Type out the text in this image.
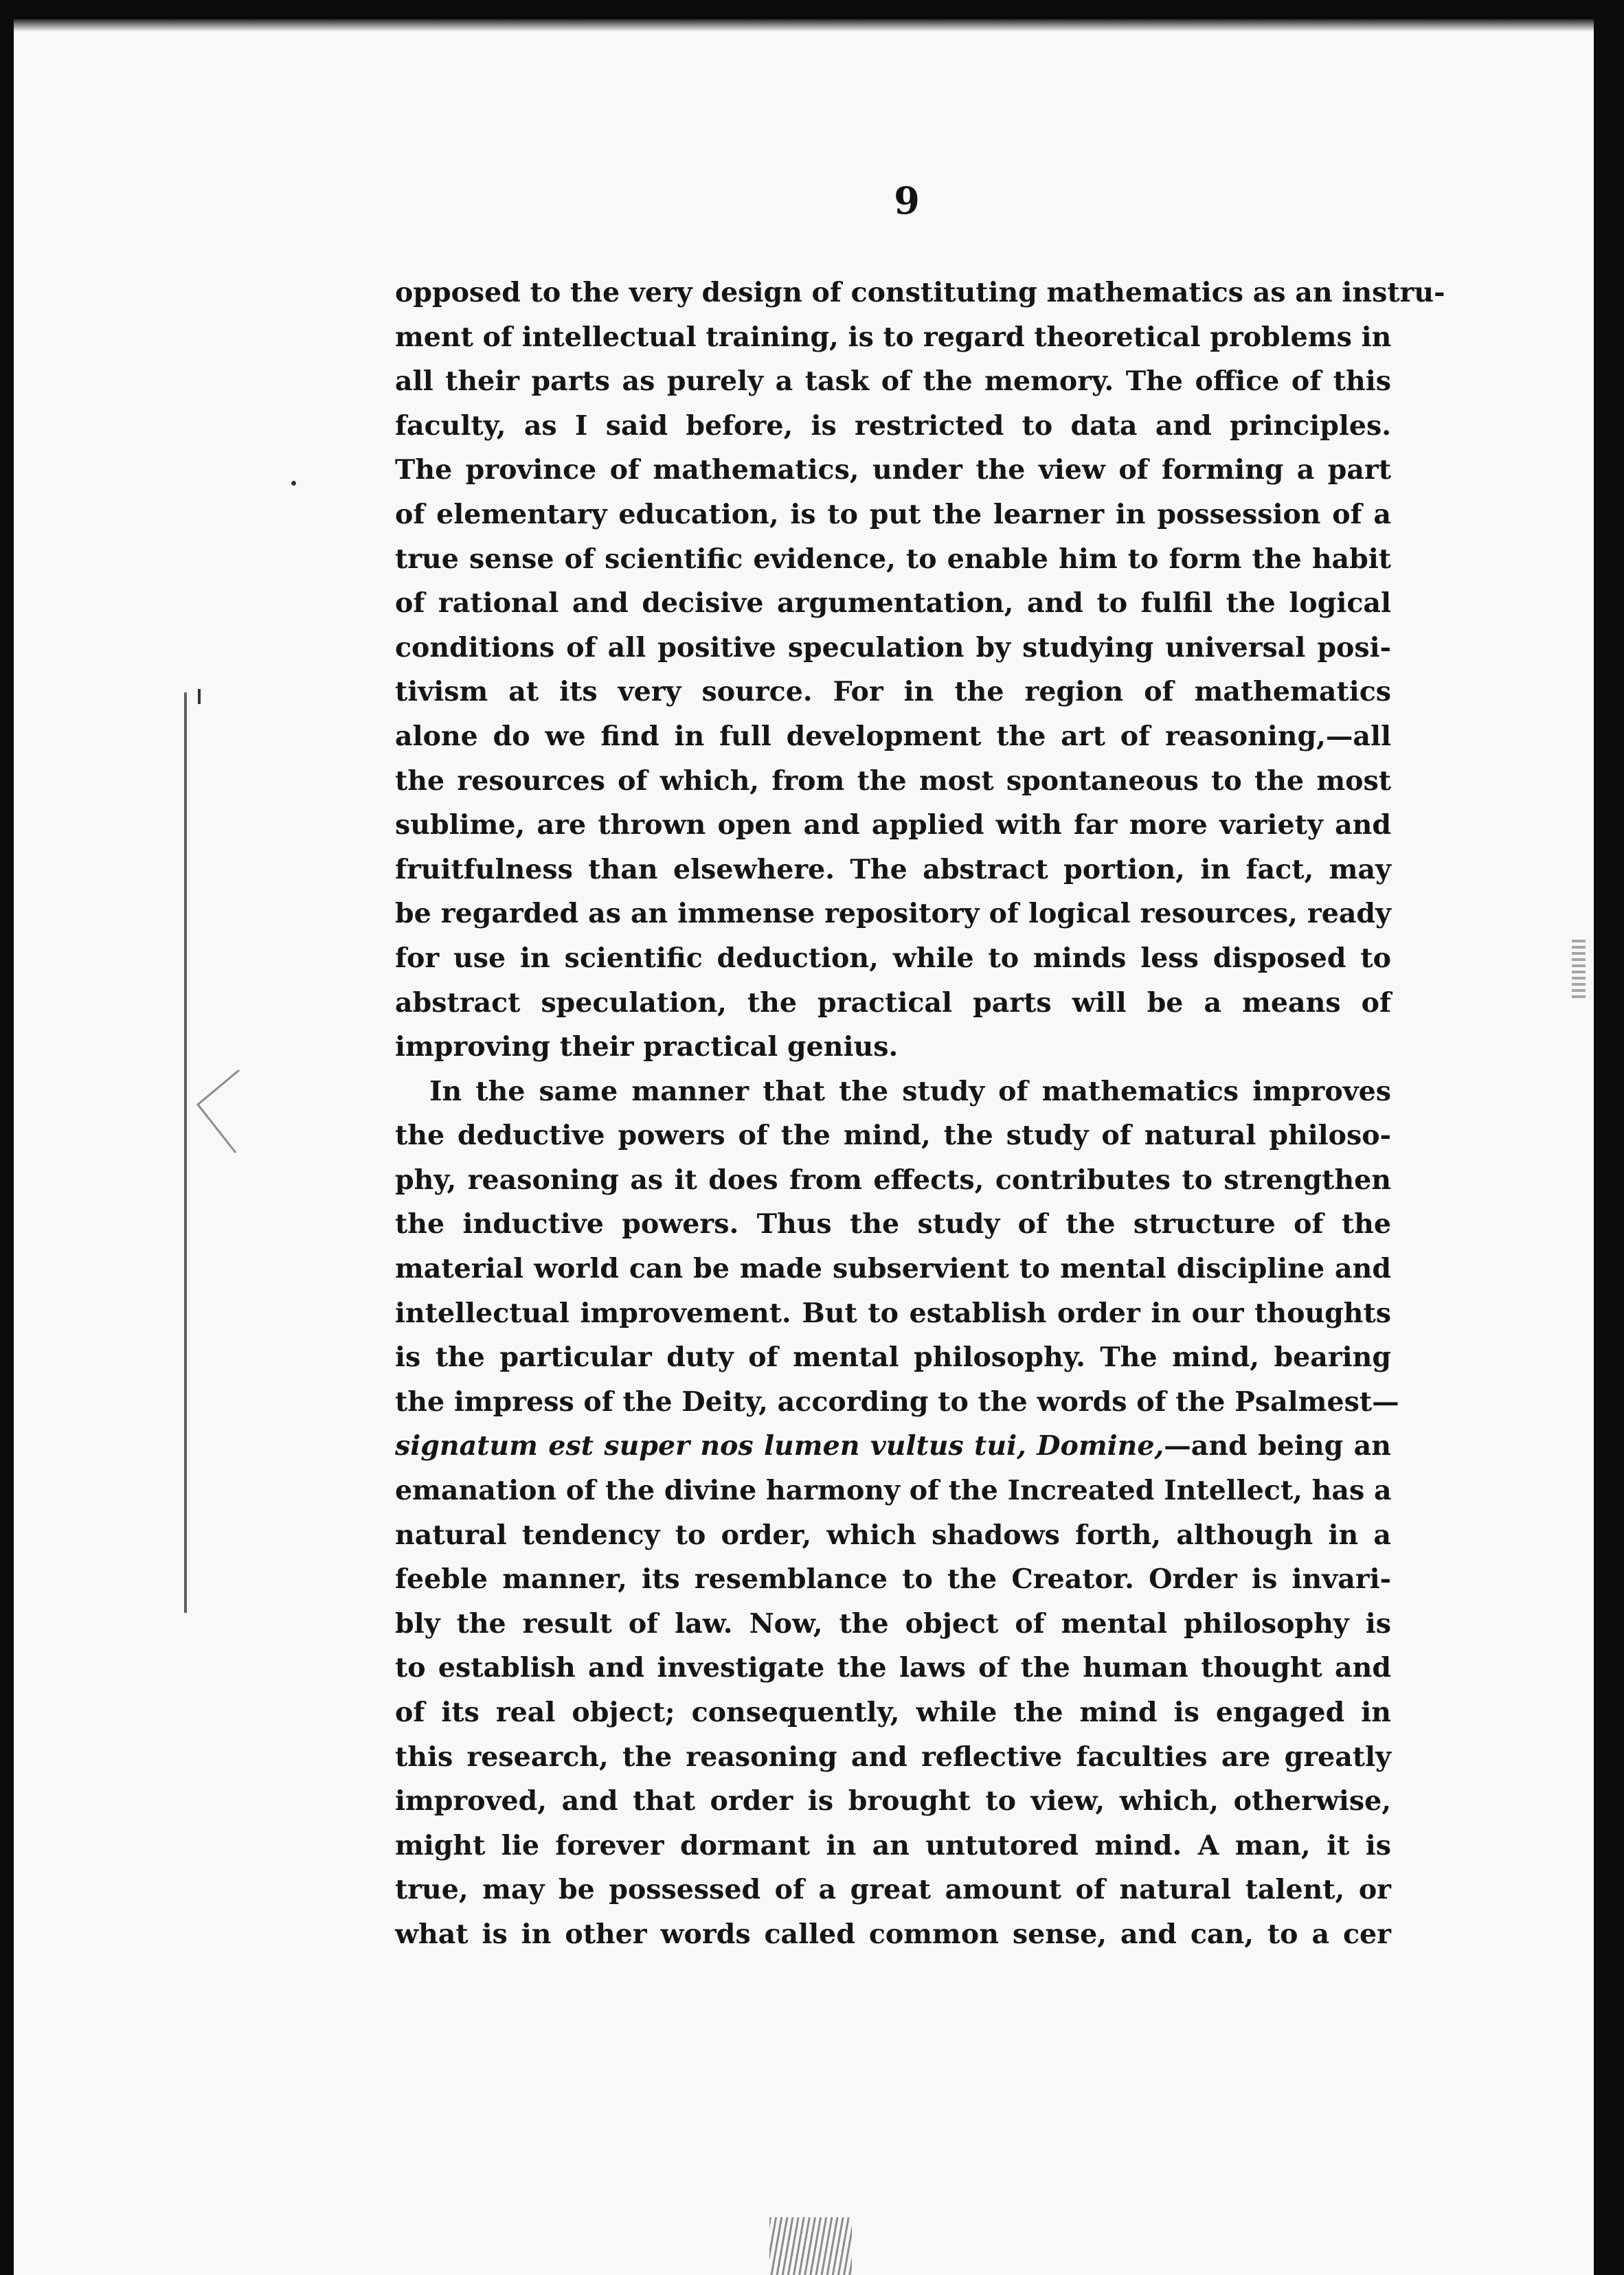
9
opposed to the very design of constituting mathematics as an instru-
ment of intellectual training, is to regard theoretical problems in
all their parts as purely a task of the memory. The office of this
faculty, as I said before, is restricted to data and principles.
The province of mathematics, under the view of forming a part
of elementary education, is to put the learner in possession of a
true sense of scientific evidence, to enable him to form the habit
of rational and decisive argumentation, and to fulfil the logical
conditions of all positive speculation by studying universal posi-
tivism at its very source. For in the region of mathematics
alone do we find in full development the art of reasoning,—all
the resources of which, from the most spontaneous to the most
sublime, are thrown open and applied with far more variety and
fruitfulness than elsewhere. The abstract portion, in fact, may
be regarded as an immense repository of logical resources, ready
for use in scientific deduction, while to minds less disposed to
abstract speculation, the practical parts will be a means of
improving their practical genius.
In the same manner that the study of mathematics improves
the deductive powers of the mind, the study of natural philoso-
phy, reasoning as it does from effects, contributes to strengthen
the inductive powers. Thus the study of the structure of the
material world can be made subservient to mental discipline and
intellectual improvement. But to establish order in our thoughts
is the particular duty of mental philosophy. The mind, bearing
the impress of the Deity, according to the words of the Psalmest—
signatum est super nos lumen vultus tui, Domine,—and being an
emanation of the divine harmony of the Increated Intellect, has a
natural tendency to order, which shadows forth, although in a
feeble manner, its resemblance to the Creator. Order is invari-
bly the result of law. Now, the object of mental philosophy is
to establish and investigate the laws of the human thought and
of its real object; consequently, while the mind is engaged in
this research, the reasoning and reflective faculties are greatly
improved, and that order is brought to view, which, otherwise,
might lie forever dormant in an untutored mind. A man, it is
true, may be possessed of a great amount of natural talent, or
what is in other words called common sense, and can, to a cer
